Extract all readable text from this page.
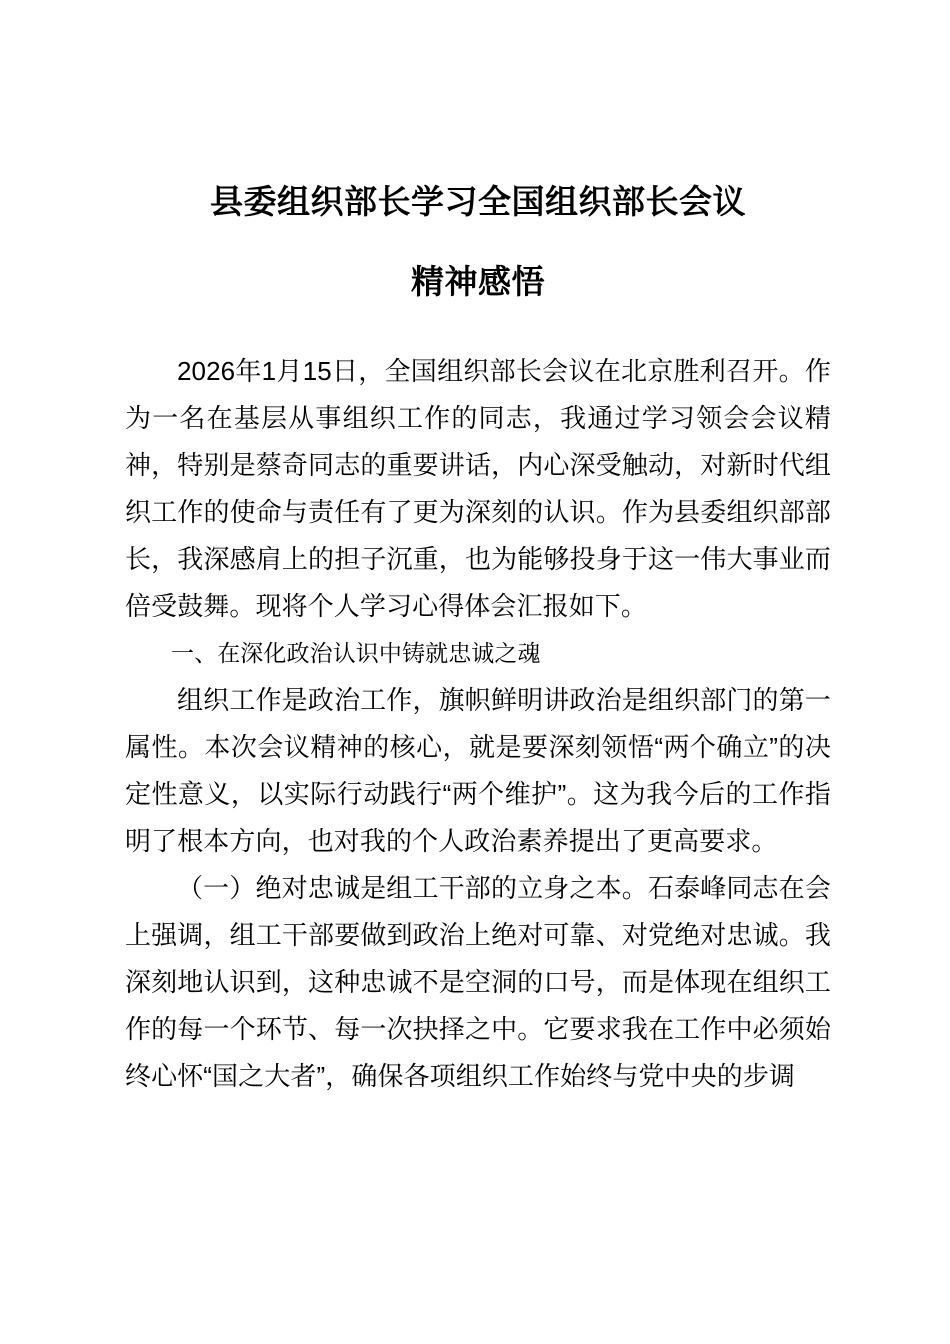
县委组织部长学习全国组织部长会议
精神感悟

2026年1月15日，全国组织部长会议在北京胜利召开。作为一名在基层从事组织工作的同志，我通过学习领会会议精神，特别是蔡奇同志的重要讲话，内心深受触动，对新时代组织工作的使命与责任有了更为深刻的认识。作为县委组织部部长，我深感肩上的担子沉重，也为能够投身于这一伟大事业而倍受鼓舞。现将个人学习心得体会汇报如下。

一、在深化政治认识中铸就忠诚之魂

组织工作是政治工作，旗帜鲜明讲政治是组织部门的第一属性。本次会议精神的核心，就是要深刻领悟“两个确立”的决定性意义，以实际行动践行“两个维护”。这为我今后的工作指明了根本方向，也对我的个人政治素养提出了更高要求。

（一）绝对忠诚是组工干部的立身之本。石泰峰同志在会上强调，组工干部要做到政治上绝对可靠、对党绝对忠诚。我深刻地认识到，这种忠诚不是空洞的口号，而是体现在组织工作的每一个环节、每一次抉择之中。它要求我在工作中必须始终心怀“国之大者”，确保各项组织工作始终与党中央的步调
